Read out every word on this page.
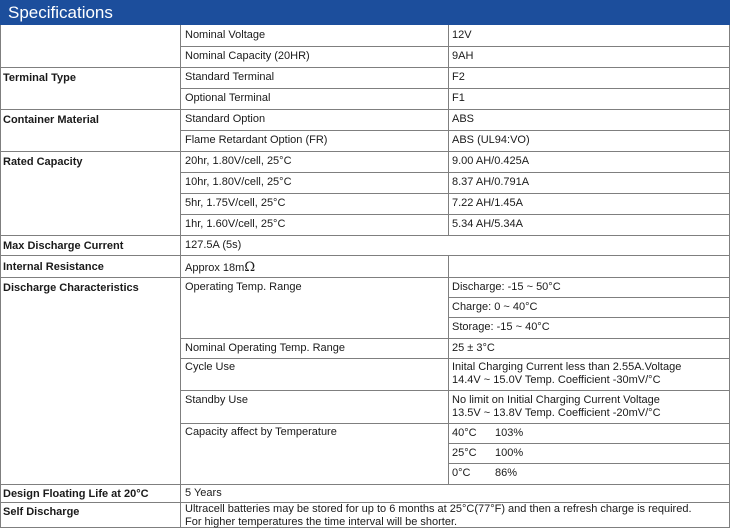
Specifications
Nominal Voltage	12V
Nominal Capacity (20HR)	9AH
Terminal Type	Standard Terminal	F2
Optional Terminal	F1
Container Material	Standard Option	ABS
Flame Retardant Option (FR)	ABS (UL94:VO)
Rated Capacity	20hr, 1.80V/cell, 25°C	9.00 AH/0.425A
10hr, 1.80V/cell, 25°C	8.37 AH/0.791A
5hr, 1.75V/cell, 25°C	7.22 AH/1.45A
1hr, 1.60V/cell, 25°C	5.34 AH/5.34A
Max Discharge Current	127.5A (5s)
Internal Resistance	Approx 18mΩ
Discharge Characteristics	Operating Temp. Range	Discharge: -15 ~ 50°C
Charge: 0 ~ 40°C
Storage: -15 ~ 40°C
Nominal Operating Temp. Range	25 ± 3°C
Cycle Use	Inital Charging Current less than 2.55A.Voltage
14.4V ~ 15.0V Temp. Coefficient -30mV/°C
Standby Use	No limit on Initial Charging Current Voltage
13.5V ~ 13.8V Temp. Coefficient -20mV/°C
Capacity affect by Temperature	40°C 103%
25°C 100%
0°C 86%
Design Floating Life at 20°C	5 Years
Self Discharge	Ultracell batteries may be stored for up to 6 months at 25°C(77°F) and then a refresh charge is required.
For higher temperatures the time interval will be shorter.
